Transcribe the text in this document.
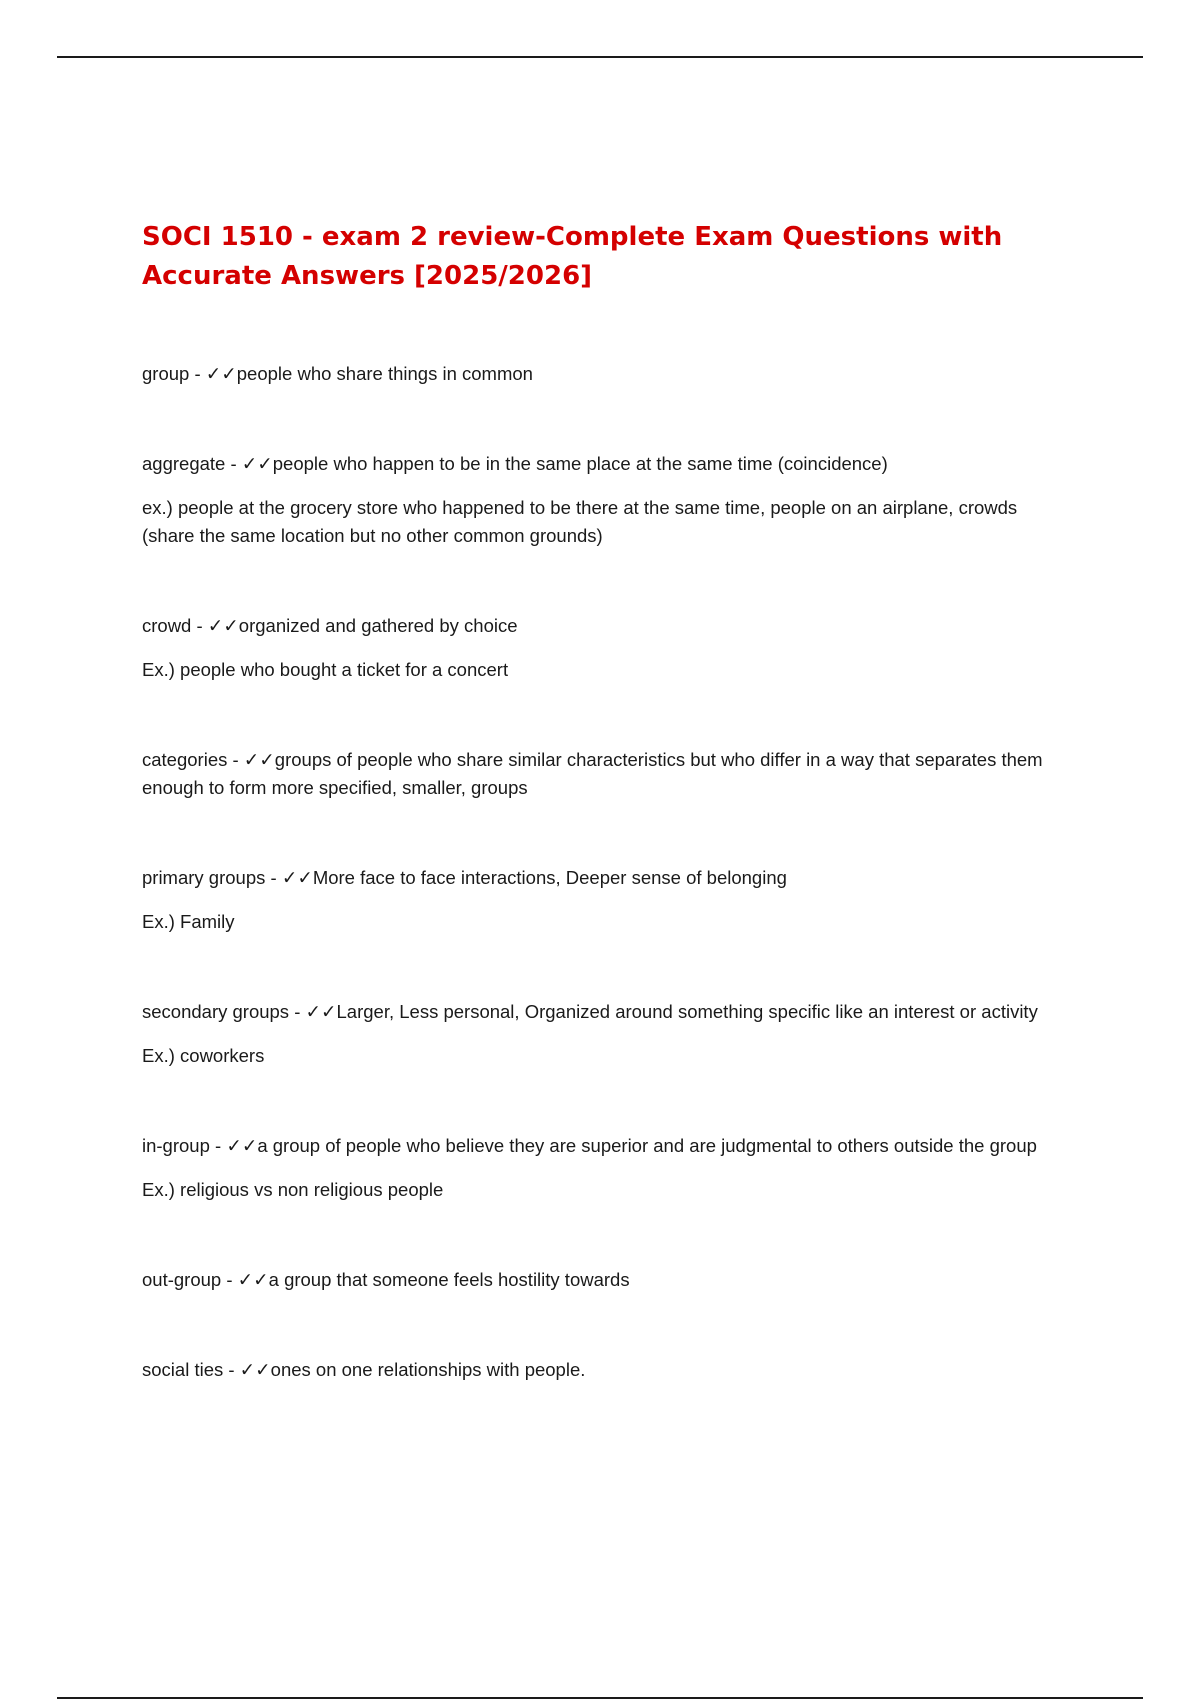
SOCI 1510 - exam 2 review-Complete Exam Questions with Accurate Answers [2025/2026]

group - ✓✓people who share things in common

aggregate - ✓✓people who happen to be in the same place at the same time (coincidence)

ex.) people at the grocery store who happened to be there at the same time, people on an airplane, crowds (share the same location but no other common grounds)

crowd - ✓✓organized and gathered by choice

Ex.) people who bought a ticket for a concert

categories - ✓✓groups of people who share similar characteristics but who differ in a way that separates them enough to form more specified, smaller, groups

primary groups - ✓✓More face to face interactions, Deeper sense of belonging

Ex.) Family

secondary groups - ✓✓Larger, Less personal, Organized around something specific like an interest or activity

Ex.) coworkers

in-group - ✓✓a group of people who believe they are superior and are judgmental to others outside the group

Ex.) religious vs non religious people

out-group - ✓✓a group that someone feels hostility towards

social ties - ✓✓ones on one relationships with people.
